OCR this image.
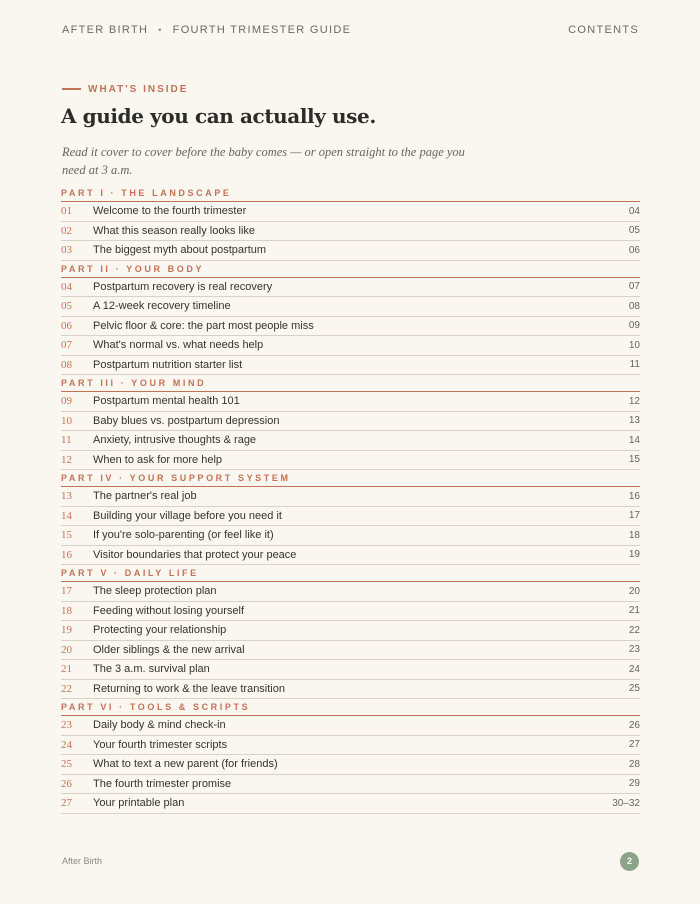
AFTER BIRTH • FOURTH TRIMESTER GUIDE	CONTENTS
WHAT'S INSIDE
A guide you can actually use.

Read it cover to cover before the baby comes — or open straight to the page you need at 3 a.m.

PART I · THE LANDSCAPE
01	Welcome to the fourth trimester	04
02	What this season really looks like	05
03	The biggest myth about postpartum	06
PART II · YOUR BODY
04	Postpartum recovery is real recovery	07
05	A 12-week recovery timeline	08
06	Pelvic floor & core: the part most people miss	09
07	What's normal vs. what needs help	10
08	Postpartum nutrition starter list	11
PART III · YOUR MIND
09	Postpartum mental health 101	12
10	Baby blues vs. postpartum depression	13
11	Anxiety, intrusive thoughts & rage	14
12	When to ask for more help	15
PART IV · YOUR SUPPORT SYSTEM
13	The partner's real job	16
14	Building your village before you need it	17
15	If you're solo-parenting (or feel like it)	18
16	Visitor boundaries that protect your peace	19
PART V · DAILY LIFE
17	The sleep protection plan	20
18	Feeding without losing yourself	21
19	Protecting your relationship	22
20	Older siblings & the new arrival	23
21	The 3 a.m. survival plan	24
22	Returning to work & the leave transition	25
PART VI · TOOLS & SCRIPTS
23	Daily body & mind check-in	26
24	Your fourth trimester scripts	27
25	What to text a new parent (for friends)	28
26	The fourth trimester promise	29
27	Your printable plan	30–32
After Birth	2
